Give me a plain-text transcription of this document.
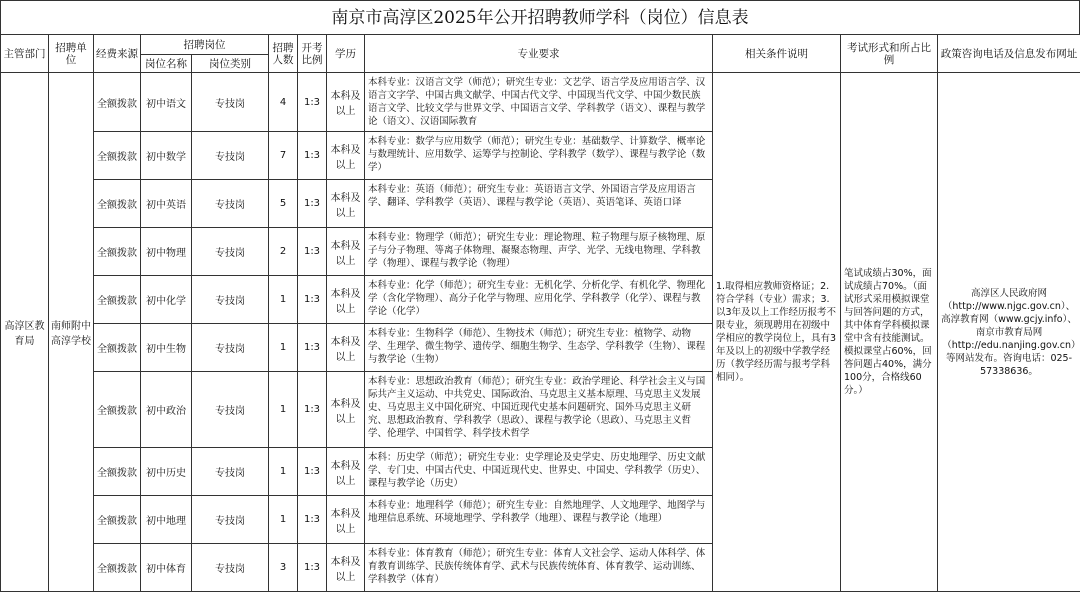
南京市高淳区2025年公开招聘教师学科（岗位）信息表
主管部门	招聘单位	经费来源	招聘岗位		招聘人数	开考比例	学历	专业要求	相关条件说明	考试形式和所占比例	政策咨询电话及信息发布网址
			岗位名称	岗位类别							
高淳区教育局	南师附中高淳学校	全额拨款	初中语文	专技岗	4	1:3	本科及以上	本科专业：汉语言文学（师范）；研究生专业：文艺学、语言学及应用语言学、汉语言文字学、中国古典文献学、中国古代文学、中国现当代文学、中国少数民族语言文学、比较文学与世界文学、中国语言文学、学科教学（语文）、课程与教学论（语文）、汉语国际教育	1.取得相应教师资格证；2.符合学科（专业）需求；3.以3年及以上工作经历报考不限专业，须现聘用在初级中学相应的教学岗位上，具有3年及以上的初级中学教学经历（教学经历需与报考学科相同）。	笔试成绩占30%，面试成绩占70%。（面试形式采用模拟课堂与回答问题的方式，其中体育学科模拟课堂中含有技能测试。模拟课堂占60%，回答问题占40%，满分100分，合格线60分。）	高淳区人民政府网（http://www.njgc.gov.cn）、高淳教育网（www.gcjy.info）、南京市教育局网（http://edu.nanjing.gov.cn）等网站发布。咨询电话：025-57338636。
		全额拨款	初中数学	专技岗	7	1:3	本科及以上	本科专业：数学与应用数学（师范）；研究生专业：基础数学、计算数学、概率论与数理统计、应用数学、运筹学与控制论、学科教学（数学）、课程与教学论（数学）			
		全额拨款	初中英语	专技岗	5	1:3	本科及以上	本科专业：英语（师范）；研究生专业：英语语言文学、外国语言学及应用语言学、翻译、学科教学（英语）、课程与教学论（英语）、英语笔译、英语口译			
		全额拨款	初中物理	专技岗	2	1:3	本科及以上	本科专业：物理学（师范）；研究生专业：理论物理、粒子物理与原子核物理、原子与分子物理、等离子体物理、凝聚态物理、声学、光学、无线电物理、学科教学（物理）、课程与教学论（物理）			
		全额拨款	初中化学	专技岗	1	1:3	本科及以上	本科专业：化学（师范）；研究生专业：无机化学、分析化学、有机化学、物理化学（含化学物理）、高分子化学与物理、应用化学、学科教学（化学）、课程与教学论（化学）			
		全额拨款	初中生物	专技岗	1	1:3	本科及以上	本科专业：生物科学（师范）、生物技术（师范）；研究生专业：植物学、动物学、生理学、微生物学、遗传学、细胞生物学、生态学、学科教学（生物）、课程与教学论（生物）			
		全额拨款	初中政治	专技岗	1	1:3	本科及以上	本科专业：思想政治教育（师范）；研究生专业：政治学理论、科学社会主义与国际共产主义运动、中共党史、国际政治、马克思主义基本原理、马克思主义发展史、马克思主义中国化研究、中国近现代史基本问题研究、国外马克思主义研究、思想政治教育、学科教学（思政）、课程与教学论（思政）、马克思主义哲学、伦理学、中国哲学、科学技术哲学			
		全额拨款	初中历史	专技岗	1	1:3	本科及以上	本科：历史学（师范）；研究生专业：史学理论及史学史、历史地理学、历史文献学、专门史、中国古代史、中国近现代史、世界史、中国史、学科教学（历史）、课程与教学论（历史）			
		全额拨款	初中地理	专技岗	1	1:3	本科及以上	本科专业：地理科学（师范）；研究生专业：自然地理学、人文地理学、地图学与地理信息系统、环境地理学、学科教学（地理）、课程与教学论（地理）			
		全额拨款	初中体育	专技岗	3	1:3	本科及以上	本科专业：体育教育（师范）；研究生专业：体育人文社会学、运动人体科学、体育教育训练学、民族传统体育学、武术与民族传统体育、体育教学、运动训练、学科教学（体育）			
